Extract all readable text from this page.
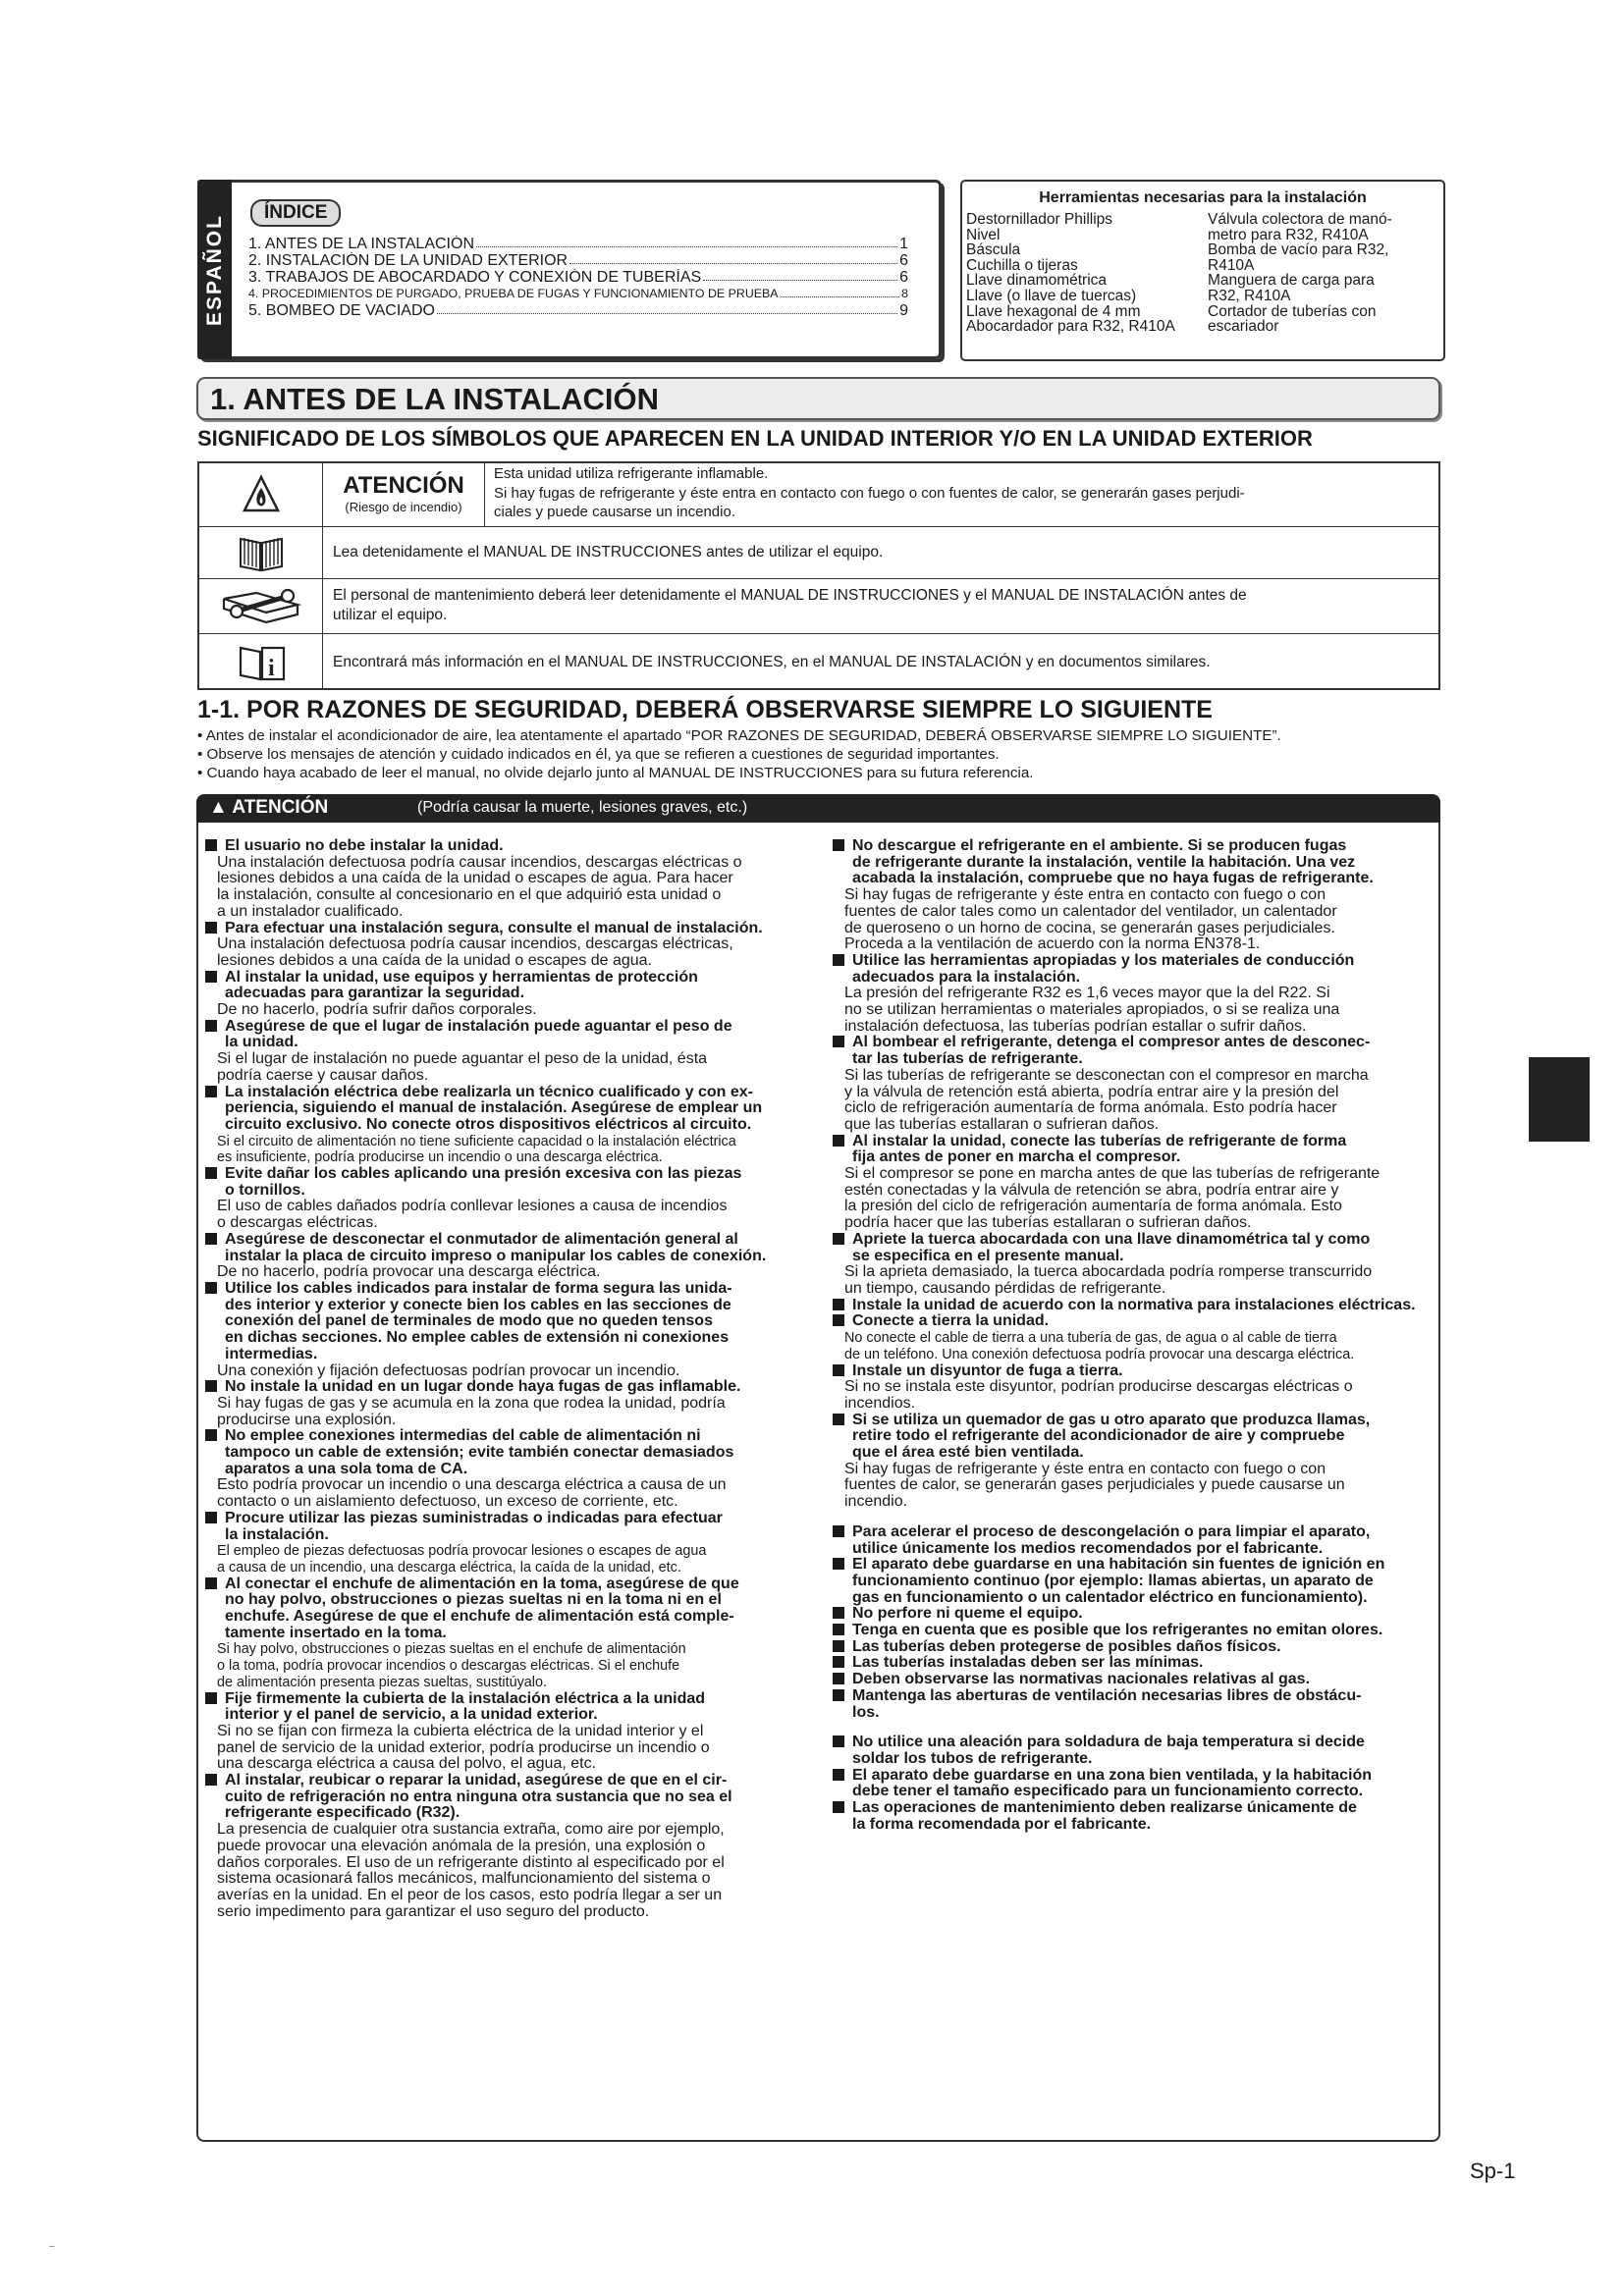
ESPAÑOL
ÍNDICE
1. ANTES DE LA INSTALACIÓN	1
2. INSTALACIÓN DE LA UNIDAD EXTERIOR	6
3. TRABAJOS DE ABOCARDADO Y CONEXIÓN DE TUBERÍAS	6
4. PROCEDIMIENTOS DE PURGADO, PRUEBA DE FUGAS Y FUNCIONAMIENTO DE PRUEBA	8
5. BOMBEO DE VACIADO	9
Herramientas necesarias para la instalación
Destornillador Phillips
Nivel
Báscula
Cuchilla o tijeras
Llave dinamométrica
Llave (o llave de tuercas)
Llave hexagonal de 4 mm
Abocardador para R32, R410A
Válvula colectora de manó-
metro para R32, R410A
Bomba de vacío para R32,
R410A
Manguera de carga para
R32, R410A
Cortador de tuberías con
escariador
1. ANTES DE LA INSTALACIÓN
SIGNIFICADO DE LOS SÍMBOLOS QUE APARECEN EN LA UNIDAD INTERIOR Y/O EN LA UNIDAD EXTERIOR
ATENCIÓN
(Riesgo de incendio)
Esta unidad utiliza refrigerante inflamable.
Si hay fugas de refrigerante y éste entra en contacto con fuego o con fuentes de calor, se generarán gases perjudi-
ciales y puede causarse un incendio.
Lea detenidamente el MANUAL DE INSTRUCCIONES antes de utilizar el equipo.
El personal de mantenimiento deberá leer detenidamente el MANUAL DE INSTRUCCIONES y el MANUAL DE INSTALACIÓN antes de
utilizar el equipo.
i	Encontrará más información en el MANUAL DE INSTRUCCIONES, en el MANUAL DE INSTALACIÓN y en documentos similares.
1-1. POR RAZONES DE SEGURIDAD, DEBERÁ OBSERVARSE SIEMPRE LO SIGUIENTE
• Antes de instalar el acondicionador de aire, lea atentamente el apartado “POR RAZONES DE SEGURIDAD, DEBERÁ OBSERVARSE SIEMPRE LO SIGUIENTE”.
• Observe los mensajes de atención y cuidado indicados en él, ya que se refieren a cuestiones de seguridad importantes.
• Cuando haya acabado de leer el manual, no olvide dejarlo junto al MANUAL DE INSTRUCCIONES para su futura referencia.
▲ ATENCIÓN	(Podría causar la muerte, lesiones graves, etc.)

El usuario no debe instalar la unidad.

Una instalación defectuosa podría causar incendios, descargas eléctricas o

lesiones debidos a una caída de la unidad o escapes de agua. Para hacer

la instalación, consulte al concesionario en el que adquirió esta unidad o

a un instalador cualificado.

Para efectuar una instalación segura, consulte el manual de instalación.

Una instalación defectuosa podría causar incendios, descargas eléctricas,

lesiones debidos a una caída de la unidad o escapes de agua.

Al instalar la unidad, use equipos y herramientas de protección

adecuadas para garantizar la seguridad.

De no hacerlo, podría sufrir daños corporales.

Asegúrese de que el lugar de instalación puede aguantar el peso de

la unidad.

Si el lugar de instalación no puede aguantar el peso de la unidad, ésta

podría caerse y causar daños.

La instalación eléctrica debe realizarla un técnico cualificado y con ex-

periencia, siguiendo el manual de instalación. Asegúrese de emplear un

circuito exclusivo. No conecte otros dispositivos eléctricos al circuito.

Si el circuito de alimentación no tiene suficiente capacidad o la instalación eléctrica

es insuficiente, podría producirse un incendio o una descarga eléctrica.

Evite dañar los cables aplicando una presión excesiva con las piezas

o tornillos.

El uso de cables dañados podría conllevar lesiones a causa de incendios

o descargas eléctricas.

Asegúrese de desconectar el conmutador de alimentación general al

instalar la placa de circuito impreso o manipular los cables de conexión.

De no hacerlo, podría provocar una descarga eléctrica.

Utilice los cables indicados para instalar de forma segura las unida-

des interior y exterior y conecte bien los cables en las secciones de

conexión del panel de terminales de modo que no queden tensos

en dichas secciones. No emplee cables de extensión ni conexiones

intermedias.

Una conexión y fijación defectuosas podrían provocar un incendio.

No instale la unidad en un lugar donde haya fugas de gas inflamable.

Si hay fugas de gas y se acumula en la zona que rodea la unidad, podría

producirse una explosión.

No emplee conexiones intermedias del cable de alimentación ni

tampoco un cable de extensión; evite también conectar demasiados

aparatos a una sola toma de CA.

Esto podría provocar un incendio o una descarga eléctrica a causa de un

contacto o un aislamiento defectuoso, un exceso de corriente, etc.

Procure utilizar las piezas suministradas o indicadas para efectuar

la instalación.

El empleo de piezas defectuosas podría provocar lesiones o escapes de agua

a causa de un incendio, una descarga eléctrica, la caída de la unidad, etc.

Al conectar el enchufe de alimentación en la toma, asegúrese de que

no hay polvo, obstrucciones o piezas sueltas ni en la toma ni en el

enchufe. Asegúrese de que el enchufe de alimentación está comple-

tamente insertado en la toma.

Si hay polvo, obstrucciones o piezas sueltas en el enchufe de alimentación

o la toma, podría provocar incendios o descargas eléctricas. Si el enchufe

de alimentación presenta piezas sueltas, sustitúyalo.

Fije firmemente la cubierta de la instalación eléctrica a la unidad

interior y el panel de servicio, a la unidad exterior.

Si no se fijan con firmeza la cubierta eléctrica de la unidad interior y el

panel de servicio de la unidad exterior, podría producirse un incendio o

una descarga eléctrica a causa del polvo, el agua, etc.

Al instalar, reubicar o reparar la unidad, asegúrese de que en el cir-

cuito de refrigeración no entra ninguna otra sustancia que no sea el

refrigerante especificado (R32).

La presencia de cualquier otra sustancia extraña, como aire por ejemplo,

puede provocar una elevación anómala de la presión, una explosión o

daños corporales. El uso de un refrigerante distinto al especificado por el

sistema ocasionará fallos mecánicos, malfuncionamiento del sistema o

averías en la unidad. En el peor de los casos, esto podría llegar a ser un

serio impedimento para garantizar el uso seguro del producto.

No descargue el refrigerante en el ambiente. Si se producen fugas

de refrigerante durante la instalación, ventile la habitación. Una vez

acabada la instalación, compruebe que no haya fugas de refrigerante.

Si hay fugas de refrigerante y éste entra en contacto con fuego o con

fuentes de calor tales como un calentador del ventilador, un calentador

de queroseno o un horno de cocina, se generarán gases perjudiciales.

Proceda a la ventilación de acuerdo con la norma EN378-1.

Utilice las herramientas apropiadas y los materiales de conducción

adecuados para la instalación.

La presión del refrigerante R32 es 1,6 veces mayor que la del R22. Si

no se utilizan herramientas o materiales apropiados, o si se realiza una

instalación defectuosa, las tuberías podrían estallar o sufrir daños.

Al bombear el refrigerante, detenga el compresor antes de desconec-

tar las tuberías de refrigerante.

Si las tuberías de refrigerante se desconectan con el compresor en marcha

y la válvula de retención está abierta, podría entrar aire y la presión del

ciclo de refrigeración aumentaría de forma anómala. Esto podría hacer

que las tuberías estallaran o sufrieran daños.

Al instalar la unidad, conecte las tuberías de refrigerante de forma

fija antes de poner en marcha el compresor.

Si el compresor se pone en marcha antes de que las tuberías de refrigerante

estén conectadas y la válvula de retención se abra, podría entrar aire y

la presión del ciclo de refrigeración aumentaría de forma anómala. Esto

podría hacer que las tuberías estallaran o sufrieran daños.

Apriete la tuerca abocardada con una llave dinamométrica tal y como

se especifica en el presente manual.

Si la aprieta demasiado, la tuerca abocardada podría romperse transcurrido

un tiempo, causando pérdidas de refrigerante.

Instale la unidad de acuerdo con la normativa para instalaciones eléctricas.

Conecte a tierra la unidad.

No conecte el cable de tierra a una tubería de gas, de agua o al cable de tierra

de un teléfono. Una conexión defectuosa podría provocar una descarga eléctrica.

Instale un disyuntor de fuga a tierra.

Si no se instala este disyuntor, podrían producirse descargas eléctricas o

incendios.

Si se utiliza un quemador de gas u otro aparato que produzca llamas,

retire todo el refrigerante del acondicionador de aire y compruebe

que el área esté bien ventilada.

Si hay fugas de refrigerante y éste entra en contacto con fuego o con

fuentes de calor, se generarán gases perjudiciales y puede causarse un

incendio.

Para acelerar el proceso de descongelación o para limpiar el aparato,

utilice únicamente los medios recomendados por el fabricante.

El aparato debe guardarse en una habitación sin fuentes de ignición en

funcionamiento continuo (por ejemplo: llamas abiertas, un aparato de

gas en funcionamiento o un calentador eléctrico en funcionamiento).

No perfore ni queme el equipo.

Tenga en cuenta que es posible que los refrigerantes no emitan olores.

Las tuberías deben protegerse de posibles daños físicos.

Las tuberías instaladas deben ser las mínimas.

Deben observarse las normativas nacionales relativas al gas.

Mantenga las aberturas de ventilación necesarias libres de obstácu-

los.

No utilice una aleación para soldadura de baja temperatura si decide

soldar los tubos de refrigerante.

El aparato debe guardarse en una zona bien ventilada, y la habitación

debe tener el tamaño especificado para un funcionamiento correcto.

Las operaciones de mantenimiento deben realizarse únicamente de

la forma recomendada por el fabricante.

Sp-1
–
